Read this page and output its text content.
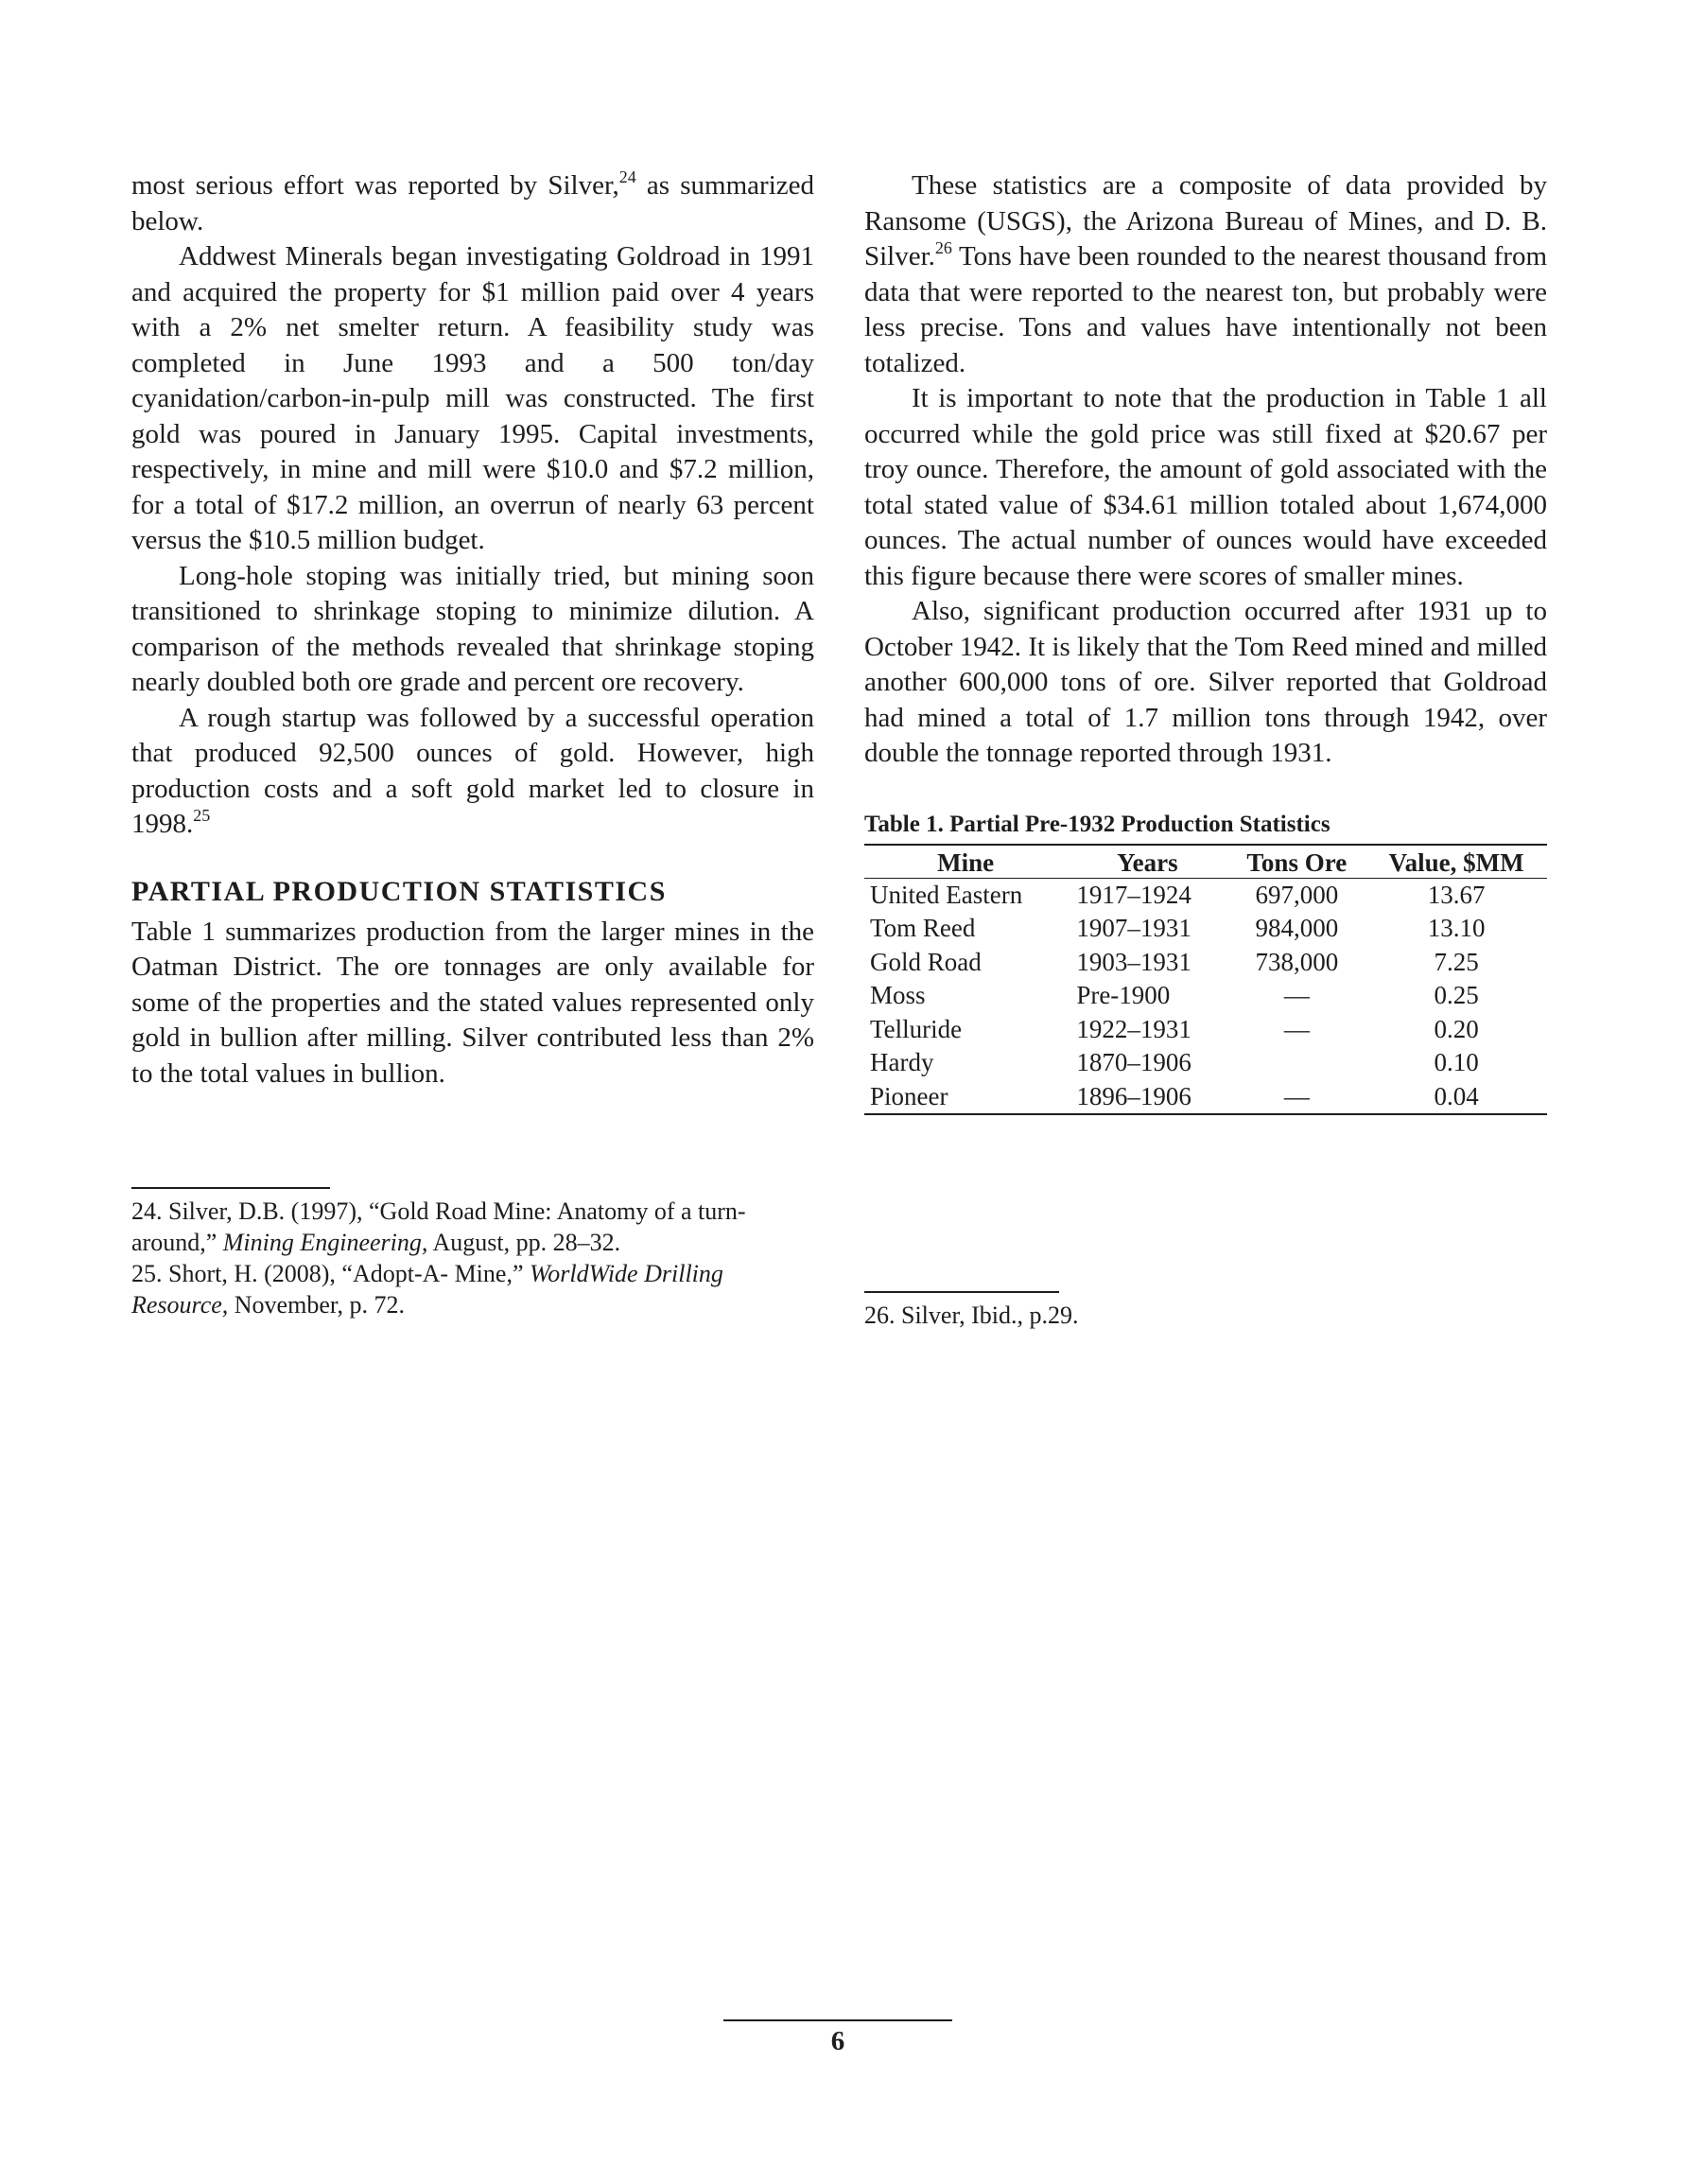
most serious effort was reported by Silver,$^{24}$ as summarized below.

Addwest Minerals began investigating Goldroad in 1991 and acquired the property for $1 million paid over 4 years with a 2% net smelter return. A feasibility study was completed in June 1993 and a 500 ton/day cyanidation/carbon-in-pulp mill was constructed. The first gold was poured in January 1995. Capital investments, respectively, in mine and mill were $10.0 and $7.2 million, for a total of $17.2 million, an overrun of nearly 63 percent versus the $10.5 million budget.

Long-hole stoping was initially tried, but mining soon transitioned to shrinkage stoping to minimize dilution. A comparison of the methods revealed that shrinkage stoping nearly doubled both ore grade and percent ore recovery.

A rough startup was followed by a successful operation that produced 92,500 ounces of gold. However, high production costs and a soft gold market led to closure in 1998.25

PARTIAL PRODUCTION STATISTICS

Table 1 summarizes production from the larger mines in the Oatman District. The ore tonnages are only available for some of the properties and the stated values represented only gold in bullion after milling. Silver contributed less than 2% to the total values in bullion.

24. Silver, D.B. (1997), “Gold Road Mine: Anatomy of a turn-around,” Mining Engineering, August, pp. 28–32.
25. Short, H. (2008), “Adopt-A- Mine,” WorldWide Drilling Resource, November, p. 72.

These statistics are a composite of data provided by Ransome (USGS), the Arizona Bureau of Mines, and D. B. Silver.$^{26}$ Tons have been rounded to the nearest thousand from data that were reported to the nearest ton, but probably were less precise. Tons and values have intentionally not been totalized.

It is important to note that the production in Table 1 all occurred while the gold price was still fixed at $20.67 per troy ounce. Therefore, the amount of gold associated with the total stated value of $34.61 million totaled about 1,674,000 ounces. The actual number of ounces would have exceeded this figure because there were scores of smaller mines.

Also, significant production occurred after 1931 up to October 1942. It is likely that the Tom Reed mined and milled another 600,000 tons of ore. Silver reported that Goldroad had mined a total of 1.7 million tons through 1942, over double the tonnage reported through 1931.

Table 1. Partial Pre-1932 Production Statistics
Mine	Years	Tons Ore	Value, $MM
United Eastern	1917–1924	697,000	13.67
Tom Reed	1907–1931	984,000	13.10
Gold Road	1903–1931	738,000	7.25
Moss	Pre-1900	—	0.25
Telluride	1922–1931	—	0.20
Hardy	1870–1906		0.10
Pioneer	1896–1906	—	0.04
26. Silver, Ibid., p.29.
6
